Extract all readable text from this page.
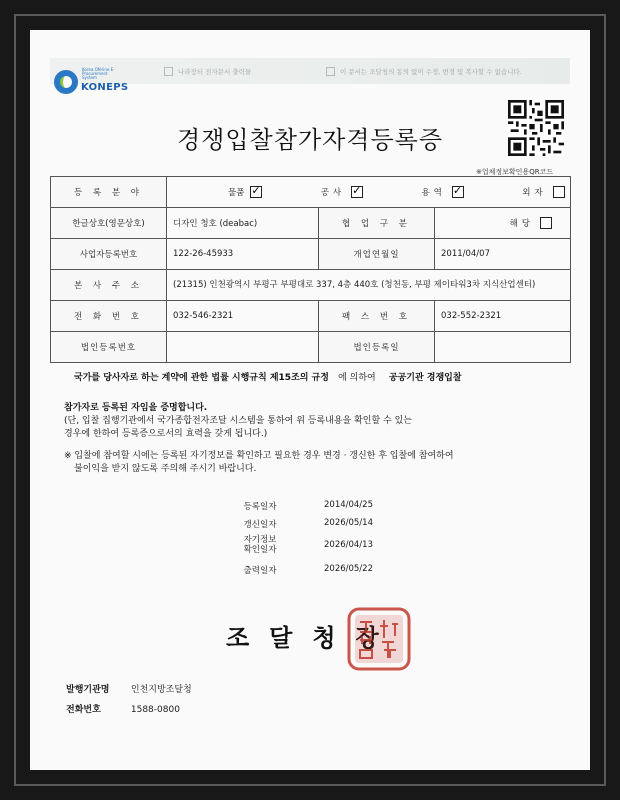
Korea ON-line E-Procurement System
KONEPS
나라장터 전자문서 출력물	이 문서는 조달청의 동의 없이 수정, 변경 및 복사할 수 없습니다.
경쟁입찰참가자격등록증
※업체정보확인용QR코드
등 록 분 야	물품 ✓ 공사 ✓ 용역 ✓ 외자

한글상호(영문상호)	디자인 청호 (deabac)	협 업 구 분	해당
사업자등록번호	122-26-45933	개업연월일	2011/04/07
본 사 주 소	(21315) 인천광역시 부평구 부평대로 337, 4층 440호 (청천동, 부평 제이타워3차 지식산업센터)		
전 화 번 호	032-546-2321	팩 스 번 호	032-552-2321
법인등록번호		법인등록일	
국가를 당사자로 하는 계약에 관한 법률 시행규칙 제15조의 규정 에 의하여 공공기관 경쟁입찰
참가자로 등록된 자임을 증명합니다.
(단, 입찰 집행기관에서 국가종합전자조달 시스템을 통하여 위 등록내용을 확인할 수 있는
경우에 한하여 등록증으로서의 효력을 갖게 됩니다.)
※ 입찰에 참여할 시에는 등록된 자기정보를 확인하고 필요한 경우 변경 · 갱신한 후 입찰에 참여하여
불이익을 받지 않도록 주의해 주시기 바랍니다.
등록일자	2014/04/25
갱신일자	2026/05/14
자기정보
확인일자	2026/04/13
출력일자	2026/05/22
조달청장
발행기관명 인천지방조달청
전화번호	1588-0800
